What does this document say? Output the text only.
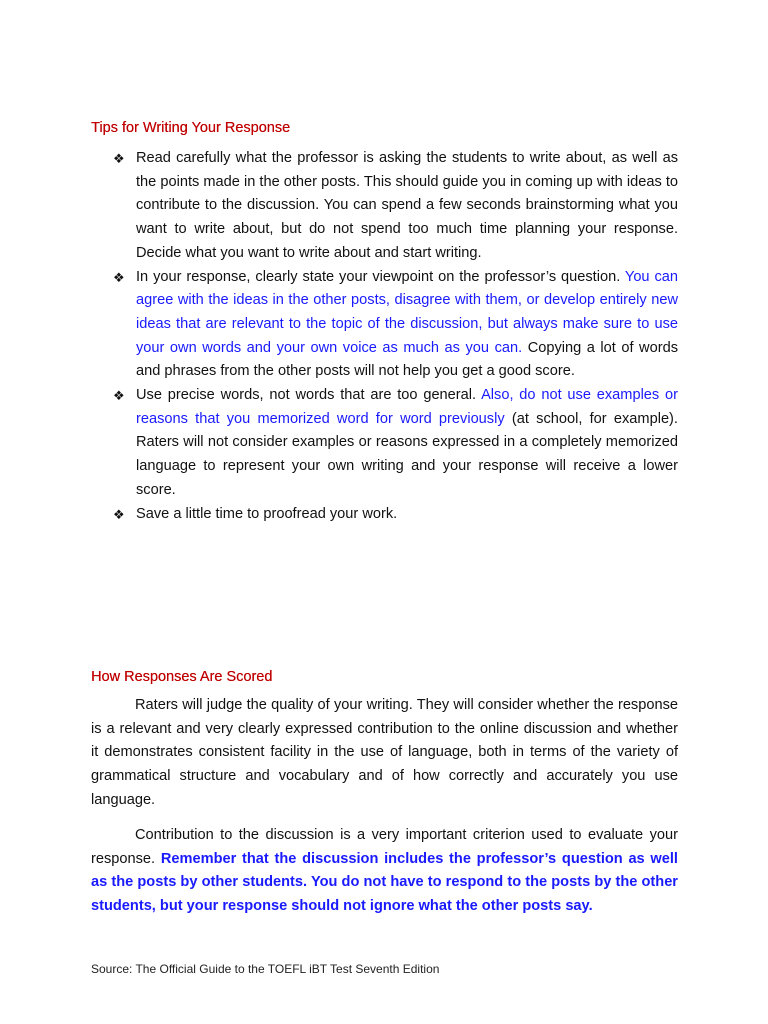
Tips for Writing Your Response
❖ Read carefully what the professor is asking the students to write about, as well as the points made in the other posts. This should guide you in coming up with ideas to contribute to the discussion. You can spend a few seconds brainstorming what you want to write about, but do not spend too much time planning your response. Decide what you want to write about and start writing.
❖ In your response, clearly state your viewpoint on the professor’s question. You can agree with the ideas in the other posts, disagree with them, or develop entirely new ideas that are relevant to the topic of the discussion, but always make sure to use your own words and your own voice as much as you can. Copying a lot of words and phrases from the other posts will not help you get a good score.
❖ Use precise words, not words that are too general. Also, do not use examples or reasons that you memorized word for word previously (at school, for example). Raters will not consider examples or reasons expressed in a completely memorized language to represent your own writing and your response will receive a lower score.
❖ Save a little time to proofread your work.
How Responses Are Scored

Raters will judge the quality of your writing. They will consider whether the response is a relevant and very clearly expressed contribution to the online discussion and whether it demonstrates consistent facility in the use of language, both in terms of the variety of grammatical structure and vocabulary and of how correctly and accurately you use language.

Contribution to the discussion is a very important criterion used to evaluate your response. Remember that the discussion includes the professor’s question as well as the posts by other students. You do not have to respond to the posts by the other students, but your response should not ignore what the other posts say.

Source: The Official Guide to the TOEFL iBT Test Seventh Edition
